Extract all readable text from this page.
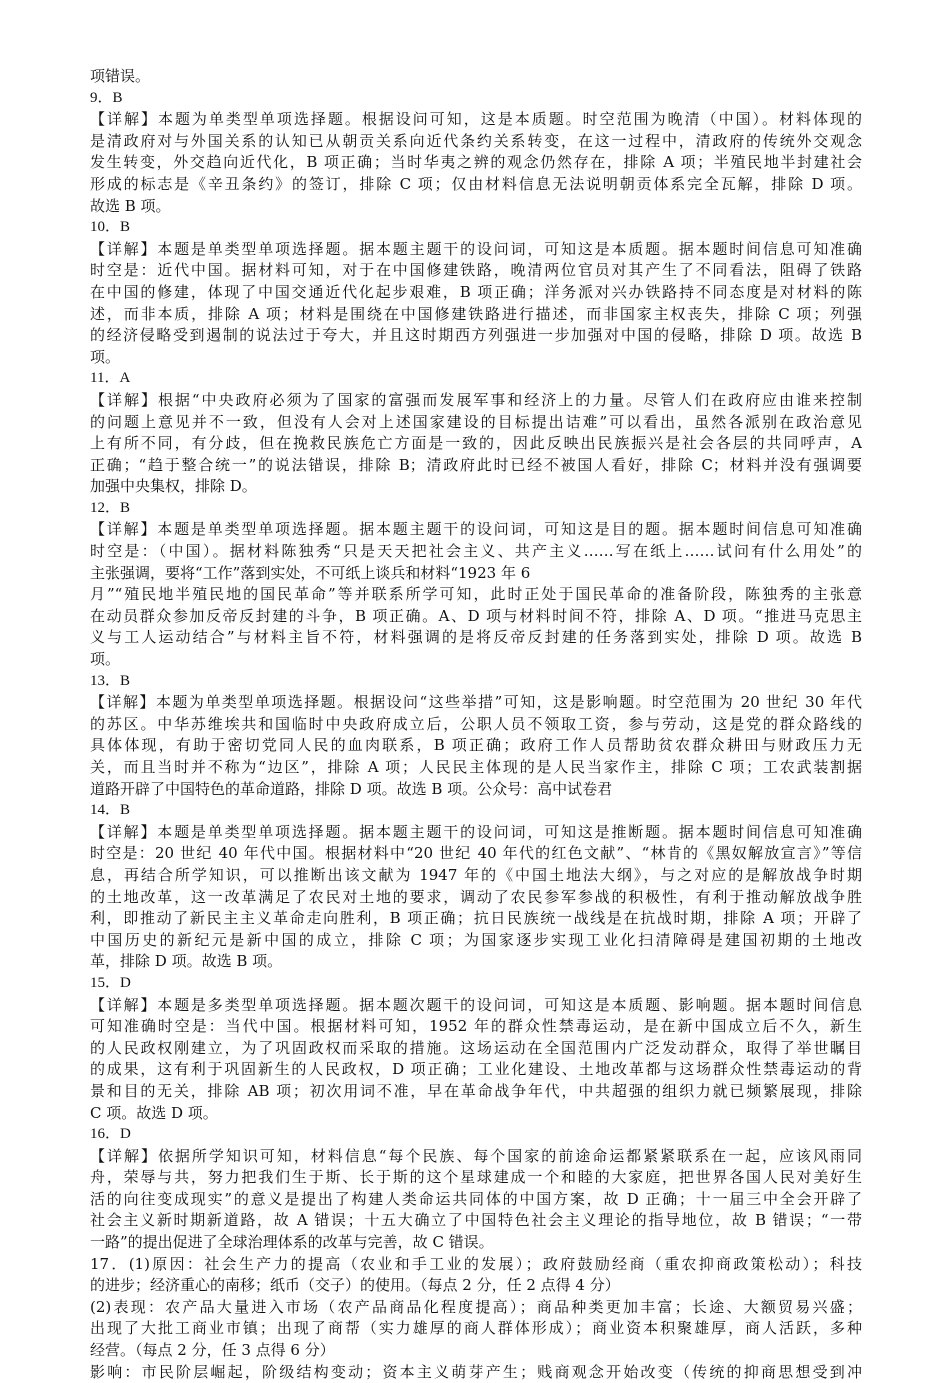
项错误。
9．B
【详解】本题为单类型单项选择题。根据设问可知，这是本质题。时空范围为晚清（中国）。材料体现的
是清政府对与外国关系的认知已从朝贡关系向近代条约关系转变，在这一过程中，清政府的传统外交观念
发生转变，外交趋向近代化，B 项正确；当时华夷之辨的观念仍然存在，排除 A 项；半殖民地半封建社会
形成的标志是《辛丑条约》的签订，排除 C 项；仅由材料信息无法说明朝贡体系完全瓦解，排除 D 项。
故选 B 项。
10．B
【详解】本题是单类型单项选择题。据本题主题干的设问词，可知这是本质题。据本题时间信息可知准确
时空是：近代中国。据材料可知，对于在中国修建铁路，晚清两位官员对其产生了不同看法，阻碍了铁路
在中国的修建，体现了中国交通近代化起步艰难，B 项正确；洋务派对兴办铁路持不同态度是对材料的陈
述，而非本质，排除 A 项；材料是围绕在中国修建铁路进行描述，而非国家主权丧失，排除 C 项；列强
的经济侵略受到遏制的说法过于夸大，并且这时期西方列强进一步加强对中国的侵略，排除 D 项。故选 B
项。
11．A
【详解】根据“中央政府必须为了国家的富强而发展军事和经济上的力量。尽管人们在政府应由谁来控制
的问题上意见并不一致，但没有人会对上述国家建设的目标提出诘难”可以看出，虽然各派别在政治意见
上有所不同，有分歧，但在挽救民族危亡方面是一致的，因此反映出民族振兴是社会各层的共同呼声，A
正确；“趋于整合统一”的说法错误，排除 B；清政府此时已经不被国人看好，排除 C；材料并没有强调要
加强中央集权，排除 D。
12．B
【详解】本题是单类型单项选择题。据本题主题干的设问词，可知这是目的题。据本题时间信息可知准确
时空是：（中国）。据材料陈独秀“只是天天把社会主义、共产主义……写在纸上……试问有什么用处”的
主张强调，要将“工作”落到实处，不可纸上谈兵和材料“1923 年 6
月”“殖民地半殖民地的国民革命”等并联系所学可知，此时正处于国民革命的准备阶段，陈独秀的主张意
在动员群众参加反帝反封建的斗争，B 项正确。A、D 项与材料时间不符，排除 A、D 项。“推进马克思主
义与工人运动结合”与材料主旨不符，材料强调的是将反帝反封建的任务落到实处，排除 D 项。故选 B
项。
13．B
【详解】本题为单类型单项选择题。根据设问“这些举措”可知，这是影响题。时空范围为 20 世纪 30 年代
的苏区。中华苏维埃共和国临时中央政府成立后，公职人员不领取工资，参与劳动，这是党的群众路线的
具体体现，有助于密切党同人民的血肉联系，B 项正确；政府工作人员帮助贫农群众耕田与财政压力无
关，而且当时并不称为“边区”，排除 A 项；人民民主体现的是人民当家作主，排除 C 项；工农武装割据
道路开辟了中国特色的革命道路，排除 D 项。故选 B 项。公众号：高中试卷君
14．B
【详解】本题是单类型单项选择题。据本题主题干的设问词，可知这是推断题。据本题时间信息可知准确
时空是：20 世纪 40 年代中国。根据材料中“20 世纪 40 年代的红色文献”、“林肯的《黑奴解放宣言》”等信
息，再结合所学知识，可以推断出该文献为 1947 年的《中国土地法大纲》，与之对应的是解放战争时期
的土地改革，这一改革满足了农民对土地的要求，调动了农民参军参战的积极性，有利于推动解放战争胜
利，即推动了新民主主义革命走向胜利，B 项正确；抗日民族统一战线是在抗战时期，排除 A 项；开辟了
中国历史的新纪元是新中国的成立，排除 C 项；为国家逐步实现工业化扫清障碍是建国初期的土地改
革，排除 D 项。故选 B 项。
15．D
【详解】本题是多类型单项选择题。据本题次题干的设问词，可知这是本质题、影响题。据本题时间信息
可知准确时空是：当代中国。根据材料可知，1952 年的群众性禁毒运动，是在新中国成立后不久，新生
的人民政权刚建立，为了巩固政权而采取的措施。这场运动在全国范围内广泛发动群众，取得了举世瞩目
的成果，这有利于巩固新生的人民政权，D 项正确；工业化建设、土地改革都与这场群众性禁毒运动的背
景和目的无关，排除 AB 项；初次用词不准，早在革命战争年代，中共超强的组织力就已频繁展现，排除
C 项。故选 D 项。
16．D
【详解】依据所学知识可知，材料信息“每个民族、每个国家的前途命运都紧紧联系在一起，应该风雨同
舟，荣辱与共，努力把我们生于斯、长于斯的这个星球建成一个和睦的大家庭，把世界各国人民对美好生
活的向往变成现实”的意义是提出了构建人类命运共同体的中国方案，故 D 正确；十一届三中全会开辟了
社会主义新时期新道路，故 A 错误；十五大确立了中国特色社会主义理论的指导地位，故 B 错误；“一带
一路”的提出促进了全球治理体系的改革与完善，故 C 错误。
17．(1)原因：社会生产力的提高（农业和手工业的发展）；政府鼓励经商（重农抑商政策松动）；科技
的进步；经济重心的南移；纸币（交子）的使用。（每点 2 分，任 2 点得 4 分）
(2)表现：农产品大量进入市场（农产品商品化程度提高）；商品种类更加丰富；长途、大额贸易兴盛；
出现了大批工商业市镇；出现了商帮（实力雄厚的商人群体形成）；商业资本积聚雄厚，商人活跃，多种
经营。（每点 2 分，任 3 点得 6 分）
影响：市民阶层崛起，阶级结构变动；资本主义萌芽产生；贱商观念开始改变（传统的抑商思想受到冲
